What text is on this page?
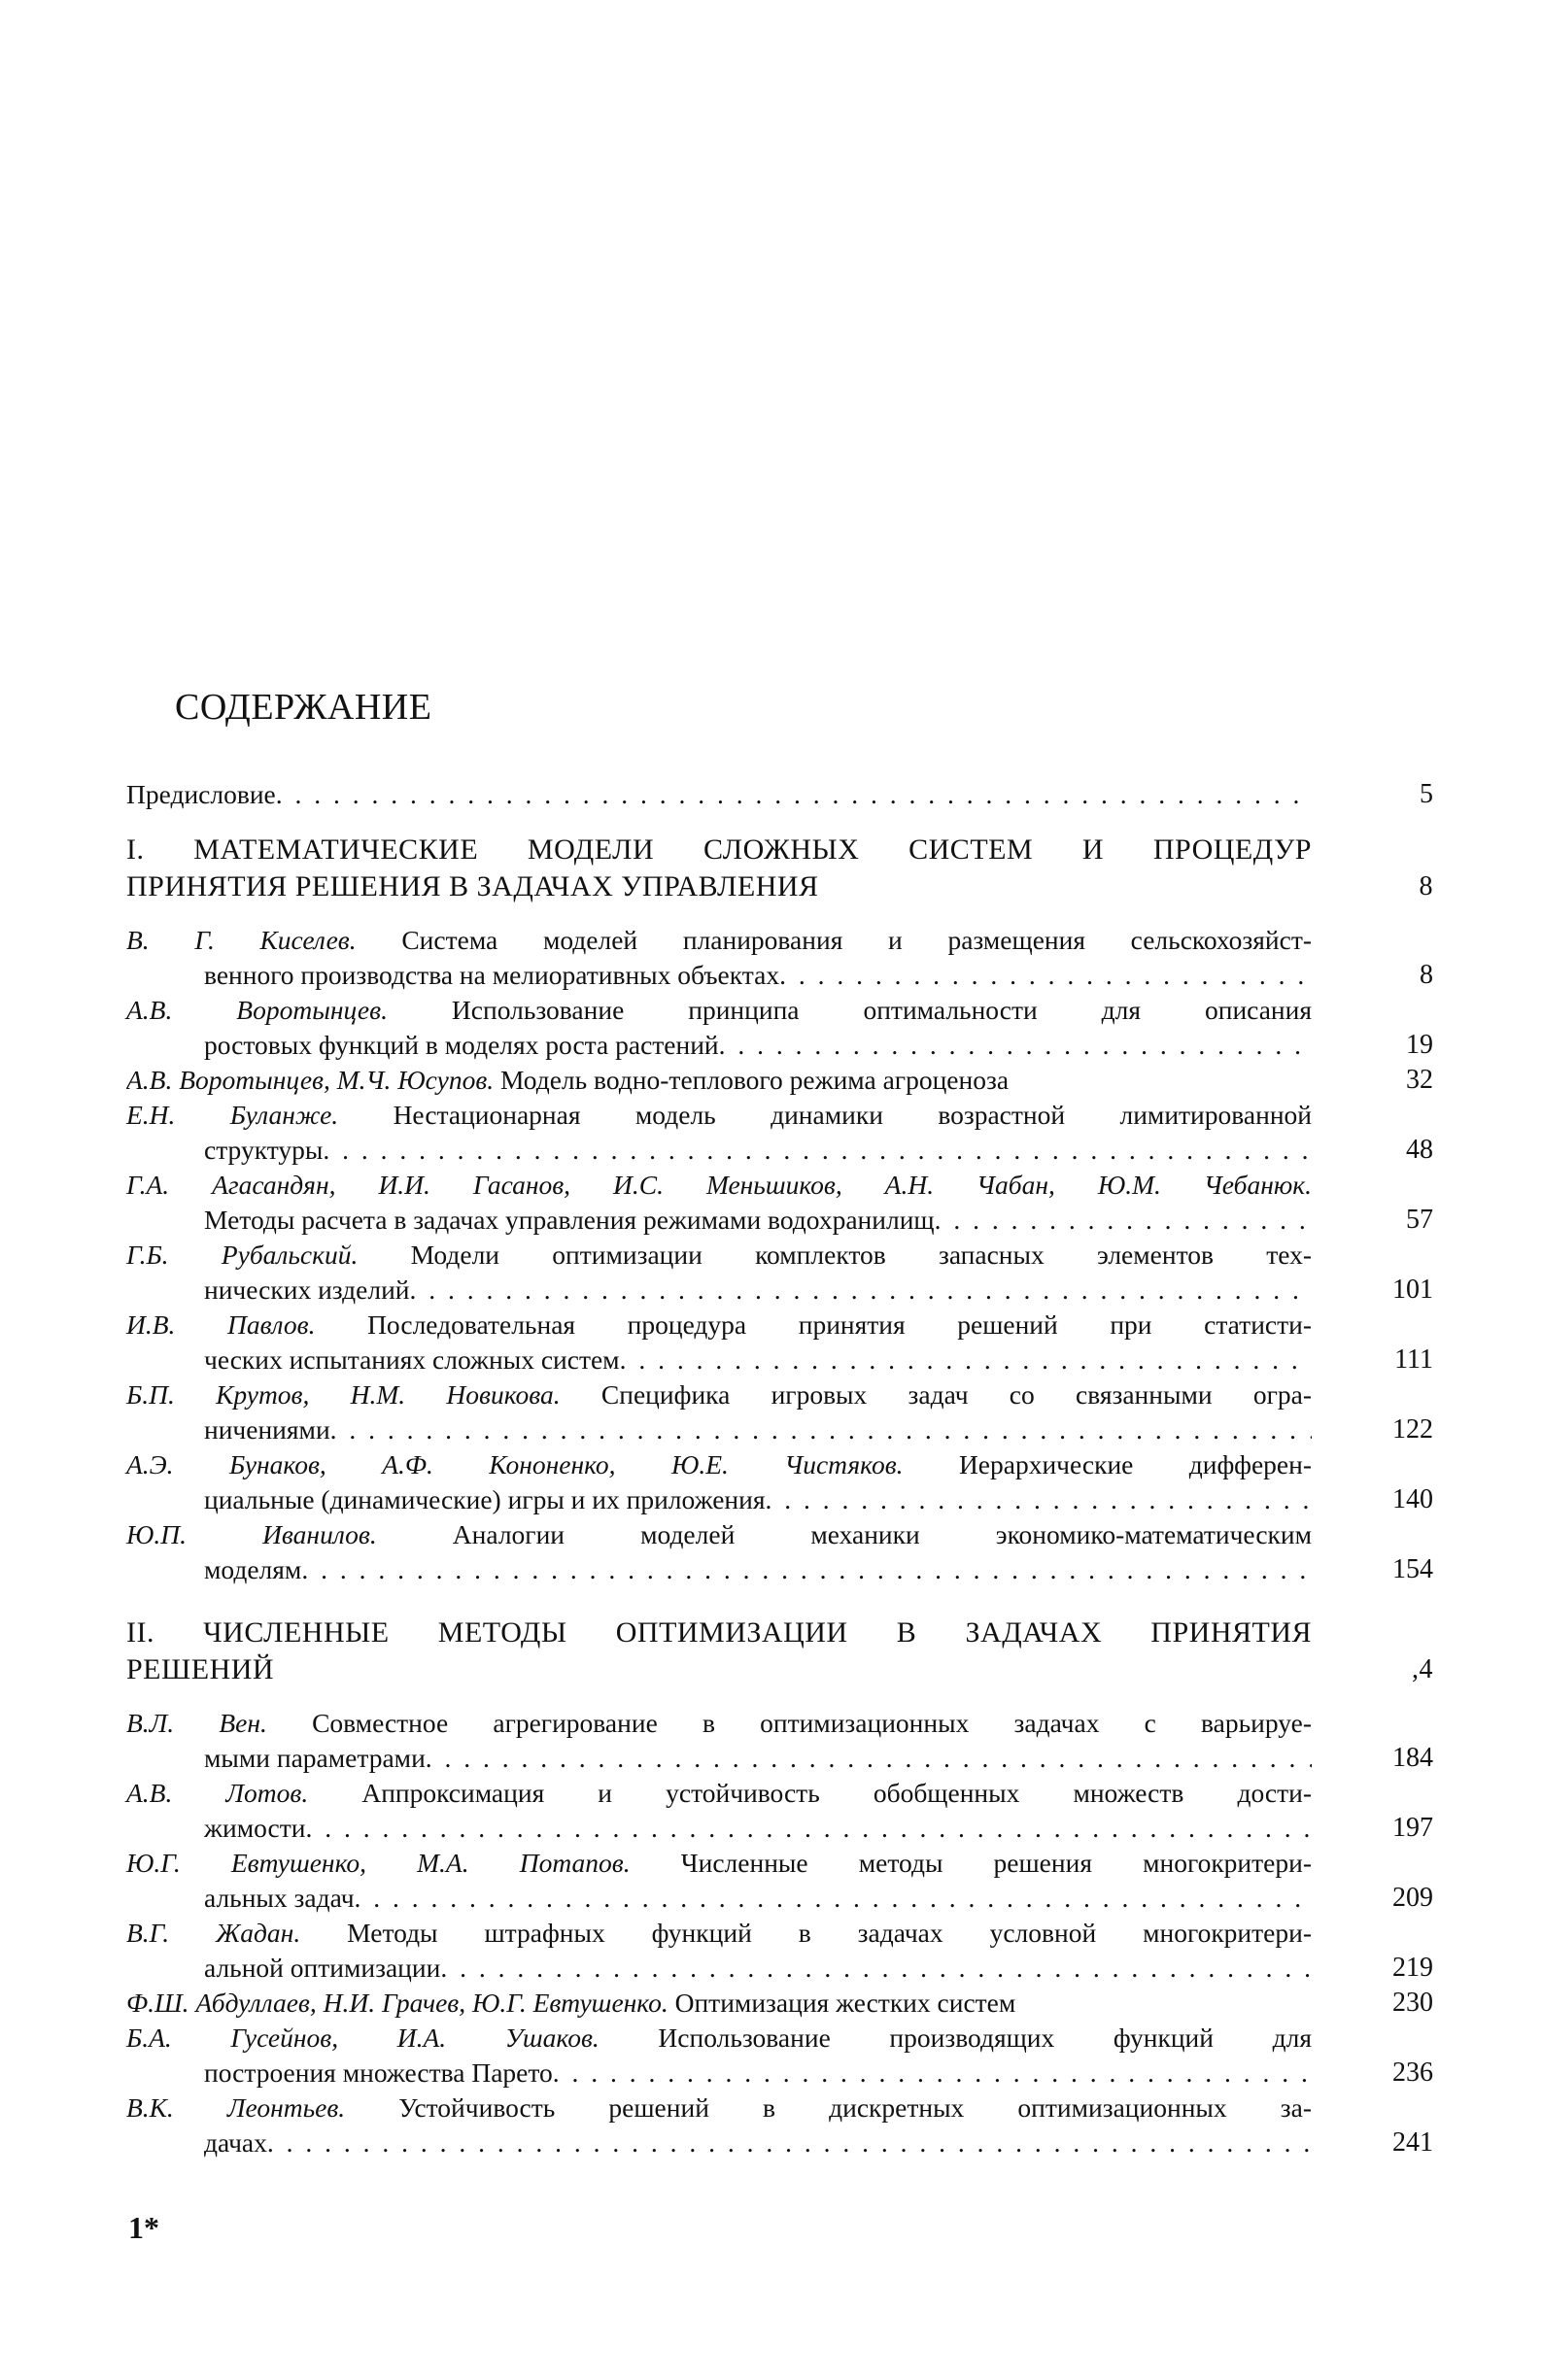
СОДЕРЖАНИЕ
Предисловие . . .	5
I. МАТЕМАТИЧЕСКИЕ МОДЕЛИ СЛОЖНЫХ СИСТЕМ И ПРОЦЕДУР
ПРИНЯТИЯ РЕШЕНИЯ В ЗАДАЧАХ УПРАВЛЕНИЯ	8
В. Г. Киселев. Система моделей планирования и размещения сельскохозяйст-
венного производства на мелиоративных объектах . . .	8
А.В. Воротынцев. Использование принципа оптимальности для описания
ростовых функций в моделях роста растений . . .	19
А.В. Воротынцев, М.Ч. Юсупов.
Модель водно-теплового режима агроценоза	32
Е.Н. Буланже. Нестационарная модель динамики возрастной лимитированной
структуры . . .	48
Г.А. Агасандян, И.И. Гасанов, И.С. Меньшиков, А.Н. Чабан, Ю.М. Чебанюк.
Методы расчета в задачах управления режимами водохранилищ . . .	57
Г.Б. Рубальский. Модели оптимизации комплектов запасных элементов тех-
нических изделий . . .	101
И.В. Павлов. Последовательная процедура принятия решений при статисти-
ческих испытаниях сложных систем . . .	111
Б.П. Крутов, Н.М. Новикова. Специфика игровых задач со связанными огра-
ничениями . . .	122
А.Э. Бунаков, А.Ф. Кононенко, Ю.Е. Чистяков. Иерархические дифферен-
циальные (динамические) игры и их приложения . . .	140
Ю.П. Иванилов.	Аналогии моделей механики экономико-математическим
моделям . . .	154
II. ЧИСЛЕННЫЕ МЕТОДЫ ОПТИМИЗАЦИИ В ЗАДАЧАХ ПРИНЯТИЯ
РЕШЕНИЙ	,4
В.Л. Вен. Совместное агрегирование в оптимизационных задачах с варьируе-
мыми параметрами . . .	184
А.В. Лотов. Аппроксимация и устойчивость обобщенных множеств дости-
жимости . . .	197
Ю.Г. Евтушенко, М.А. Потапов. Численные методы решения многокритери-
альных задач . . .	209
В.Г. Жадан. Методы штрафных функций в задачах условной многокритери-
альной оптимизации . . .	219
Ф.Ш. Абдуллаев, Н.И. Грачев, Ю.Г. Евтушенко.
Оптимизация жестких систем	230
Б.А. Гусейнов, И.А. Ушаков. Использование производящих функций для
построения множества Парето . . .	236
В.К. Леонтьев. Устойчивость решений в дискретных оптимизационных за-
дачах . . .	241
1*
